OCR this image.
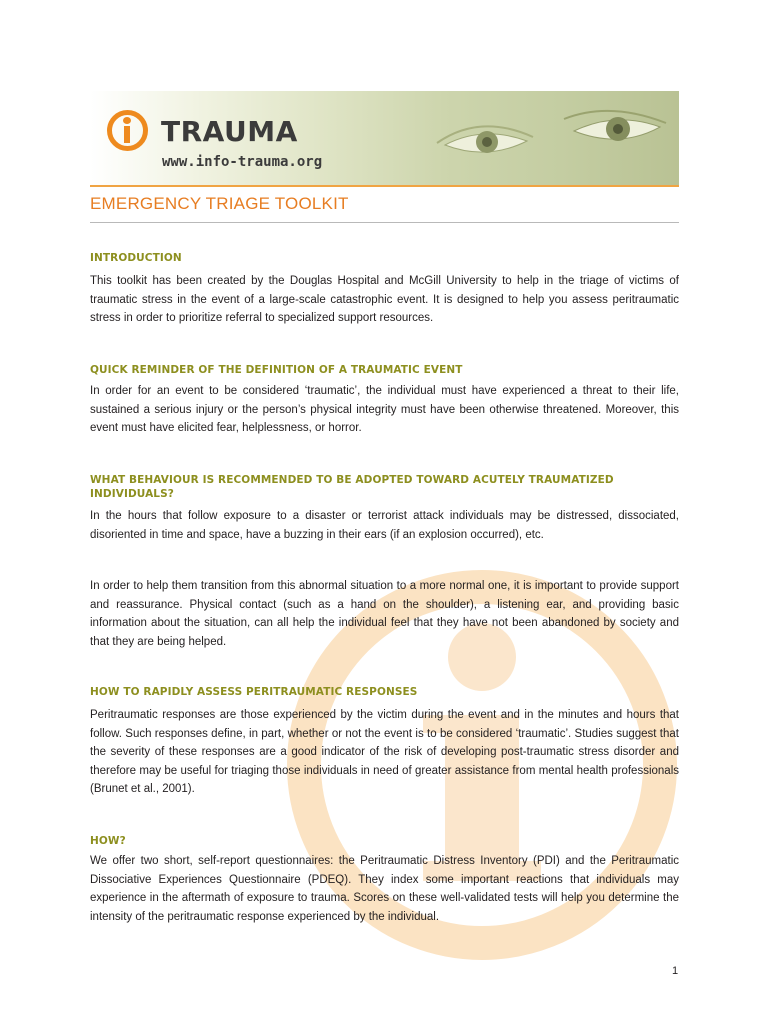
TRAUMA
www.info-trauma.org
EMERGENCY TRIAGE TOOLKIT
INTRODUCTION
This toolkit has been created by the Douglas Hospital and McGill University to help in the triage of victims of traumatic stress in the event of a large-scale catastrophic event. It is designed to help you assess peritraumatic stress in order to prioritize referral to specialized support resources.
QUICK REMINDER OF THE DEFINITION OF A TRAUMATIC EVENT
In order for an event to be considered ‘traumatic’, the individual must have experienced a threat to their life, sustained a serious injury or the person’s physical integrity must have been otherwise threatened. Moreover, this event must have elicited fear, helplessness, or horror.
WHAT BEHAVIOUR IS RECOMMENDED TO BE ADOPTED TOWARD ACUTELY TRAUMATIZED INDIVIDUALS?
In the hours that follow exposure to a disaster or terrorist attack individuals may be distressed, dissociated, disoriented in time and space, have a buzzing in their ears (if an explosion occurred), etc.
In order to help them transition from this abnormal situation to a more normal one, it is important to provide support and reassurance. Physical contact (such as a hand on the shoulder), a listening ear, and providing basic information about the situation, can all help the individual feel that they have not been abandoned by society and that they are being helped.
HOW TO RAPIDLY ASSESS PERITRAUMATIC RESPONSES
Peritraumatic responses are those experienced by the victim during the event and in the minutes and hours that follow. Such responses define, in part, whether or not the event is to be considered ‘traumatic’. Studies suggest that the severity of these responses are a good indicator of the risk of developing post-traumatic stress disorder and therefore may be useful for triaging those individuals in need of greater assistance from mental health professionals (Brunet et al., 2001).
HOW?
We offer two short, self-report questionnaires: the Peritraumatic Distress Inventory (PDI) and the Peritraumatic Dissociative Experiences Questionnaire (PDEQ). They index some important reactions that individuals may experience in the aftermath of exposure to trauma. Scores on these well-validated tests will help you determine the intensity of the peritraumatic response experienced by the individual.
1
